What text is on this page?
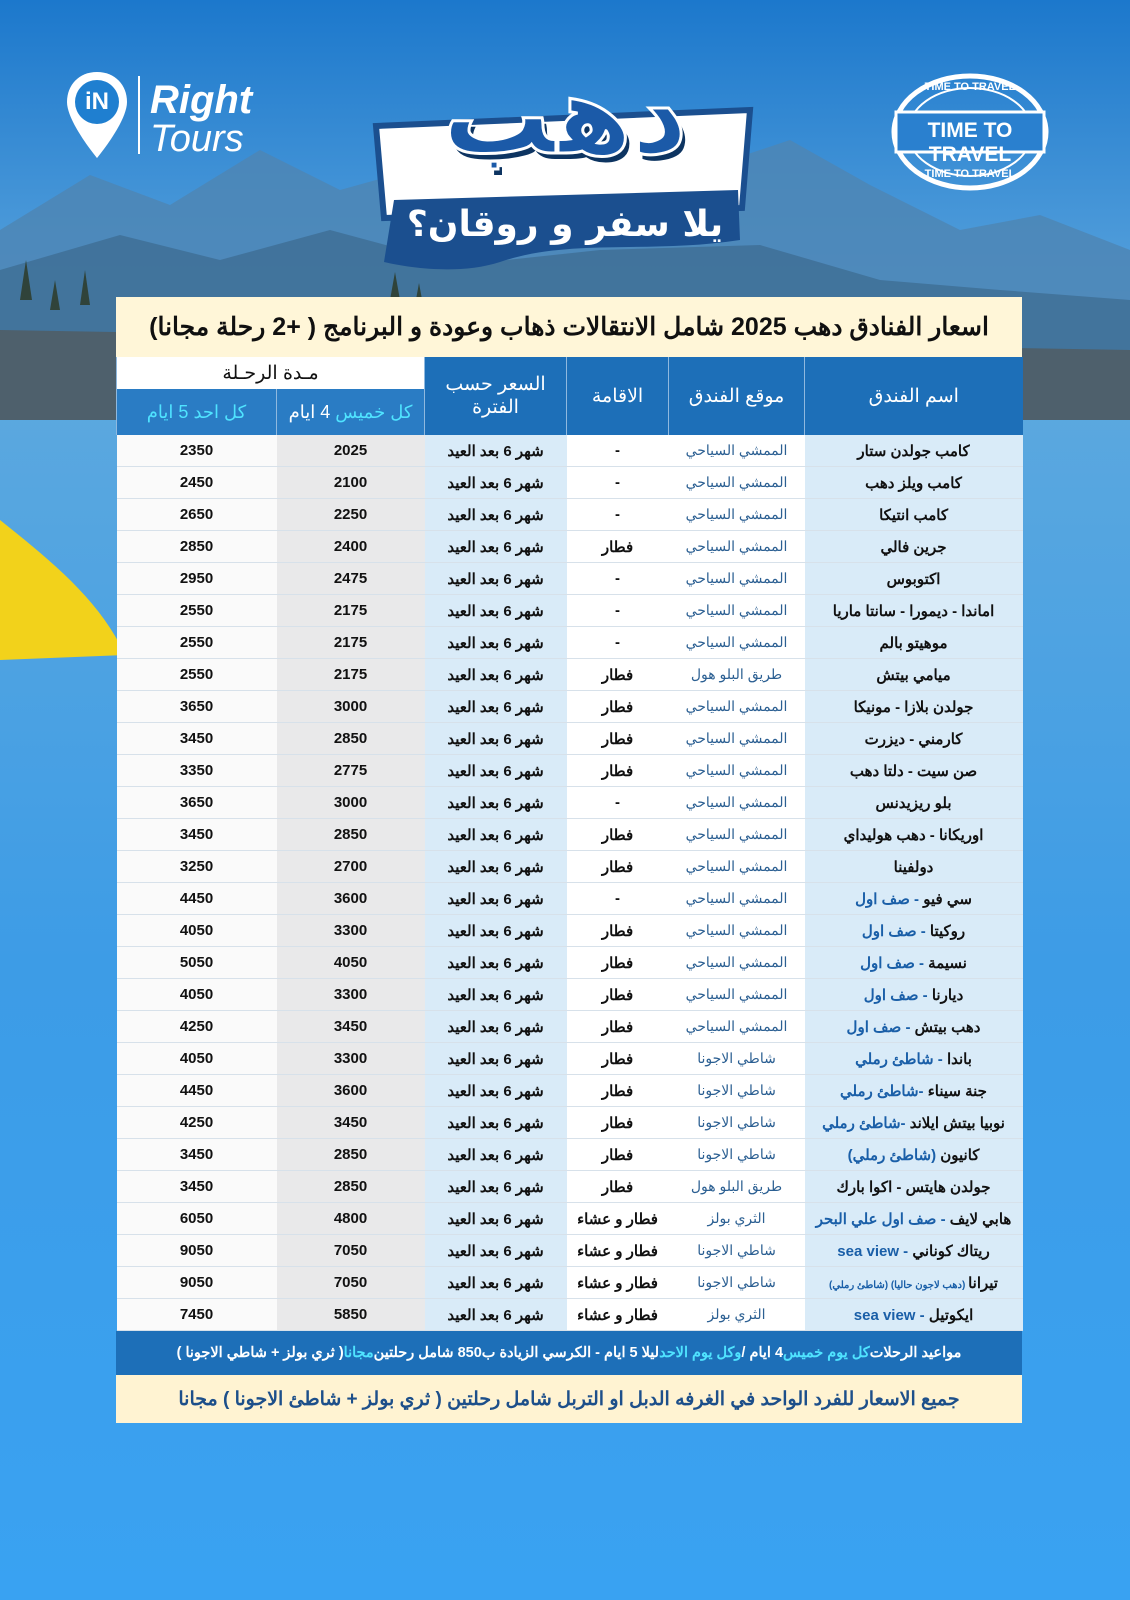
iN	Right
Tours	دهب
يلا سفر و روقان؟
TIME TO TRAVEL
TIME TO TRAVEL
TIME TO TRAVEL
اسعار الفنادق دهب 2025 شامل الانتقالات ذهاب وعودة و البرنامج ( +2 رحلة مجانا)
اسم الفندق	موقع الفندق	الاقامة	السعر حسب الفترة	مـدة الرحـلة	
				كل خميس 4 ايام	كل احد 5 ايام
كامب جولدن ستار	الممشي السياحي	-	شهر 6 بعد العيد	2025	2350
كامب ويلز دهب	الممشي السياحي	-	شهر 6 بعد العيد	2100	2450
كامب انتيكا	الممشي السياحي	-	شهر 6 بعد العيد	2250	2650
جرين فالي	الممشي السياحي	فطار	شهر 6 بعد العيد	2400	2850
اكتوبوس	الممشي السياحي	-	شهر 6 بعد العيد	2475	2950
اماندا - ديمورا - سانتا ماريا	الممشي السياحي	-	شهر 6 بعد العيد	2175	2550
موهيتو بالم	الممشي السياحي	-	شهر 6 بعد العيد	2175	2550
ميامي بيتش	طريق البلو هول	فطار	شهر 6 بعد العيد	2175	2550
جولدن بلازا - مونيكا	الممشي السياحي	فطار	شهر 6 بعد العيد	3000	3650
كارمني - ديزرت	الممشي السياحي	فطار	شهر 6 بعد العيد	2850	3450
صن سيت - دلتا دهب	الممشي السياحي	فطار	شهر 6 بعد العيد	2775	3350
بلو ريزيدنس	الممشي السياحي	-	شهر 6 بعد العيد	3000	3650
اوريكانا - دهب هوليداي	الممشي السياحي	فطار	شهر 6 بعد العيد	2850	3450
دولفينا	الممشي السياحي	فطار	شهر 6 بعد العيد	2700	3250
سي فيو - صف اول	الممشي السياحي	-	شهر 6 بعد العيد	3600	4450
روكيتا - صف اول	الممشي السياحي	فطار	شهر 6 بعد العيد	3300	4050
نسيمة - صف اول	الممشي السياحي	فطار	شهر 6 بعد العيد	4050	5050
ديارنا - صف اول	الممشي السياحي	فطار	شهر 6 بعد العيد	3300	4050
دهب بيتش - صف اول	الممشي السياحي	فطار	شهر 6 بعد العيد	3450	4250
باندا - شاطئ رملي	شاطي الاجونا	فطار	شهر 6 بعد العيد	3300	4050
جنة سيناء -شاطئ رملي	شاطي الاجونا	فطار	شهر 6 بعد العيد	3600	4450
نوبيا بيتش ايلاند -شاطئ رملي	شاطي الاجونا	فطار	شهر 6 بعد العيد	3450	4250
كانيون (شاطئ رملي)	شاطي الاجونا	فطار	شهر 6 بعد العيد	2850	3450
جولدن هايتس - اكوا بارك	طريق البلو هول	فطار	شهر 6 بعد العيد	2850	3450
هابي لايف - صف اول علي البحر	الثري بولز	فطار و عشاء	شهر 6 بعد العيد	4800	6050
ريتاك كوناني - sea view	شاطي الاجونا	فطار و عشاء	شهر 6 بعد العيد	7050	9050
تيرانا (دهب لاجون حاليا) (شاطئ رملي)	شاطي الاجونا	فطار و عشاء	شهر 6 بعد العيد	7050	9050
ايكوتيل - sea view	الثري بولز	فطار و عشاء	شهر 6 بعد العيد	5850	7450
مواعيد الرحلات
كل يوم خميس
4 ايام /
وكل يوم الاحد
ليلا 5 ايام - الكرسي الزيادة ب850 شامل رحلتين
مجانا
( ثري بولز + شاطي الاجونا )
جميع الاسعار للفرد الواحد في الغرفه الدبل او التربل شامل رحلتين ( ثري بولز + شاطئ الاجونا ) مجانا
